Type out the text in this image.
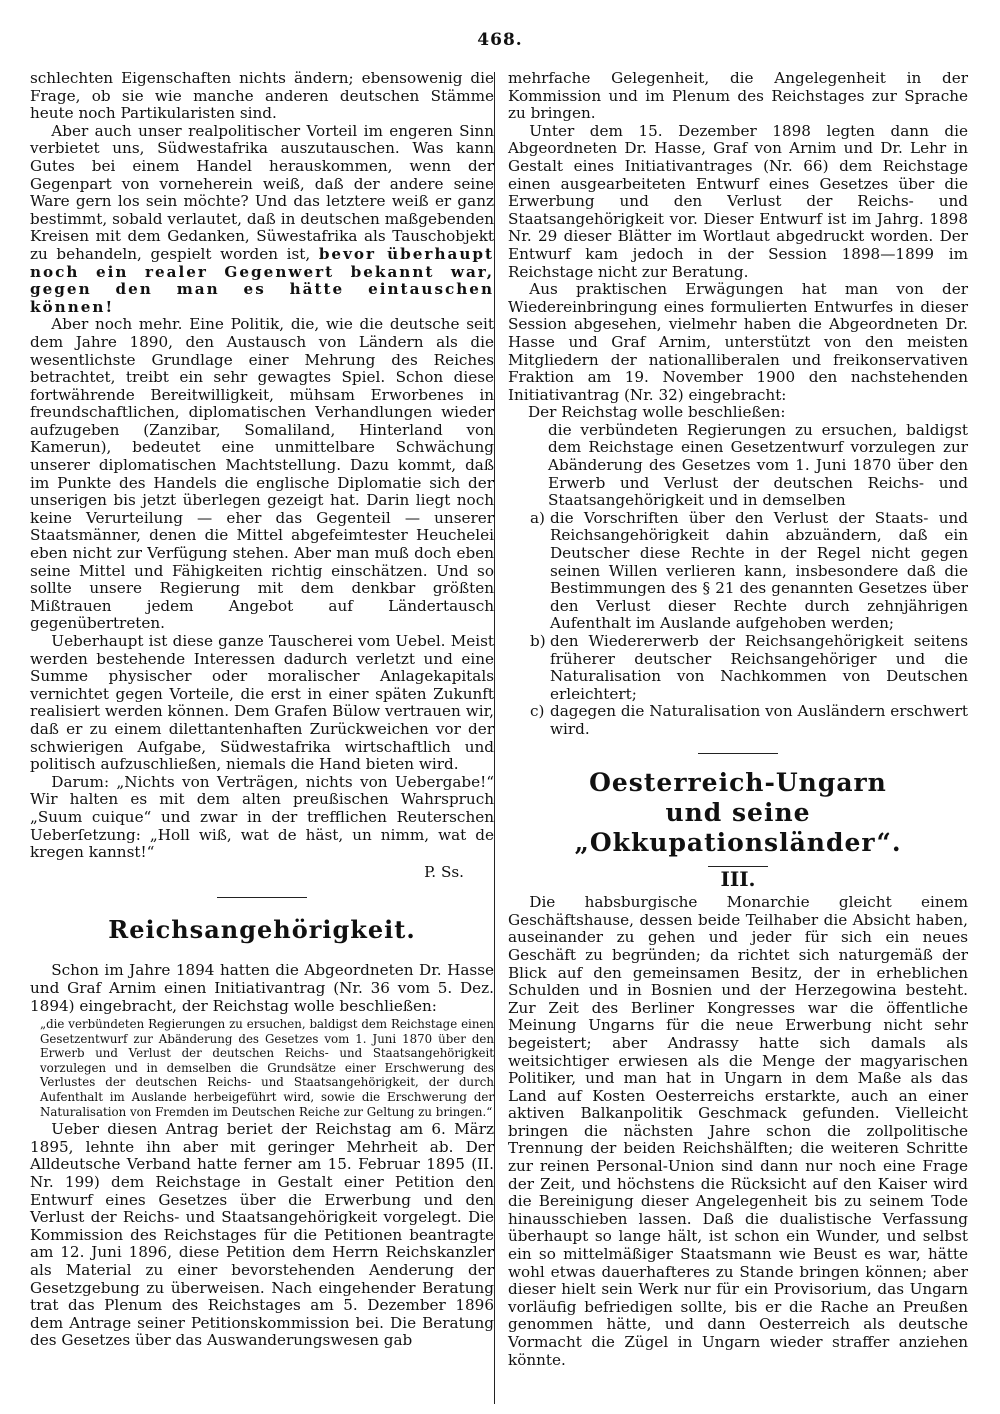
468.

schlechten Eigenschaften nichts ändern; ebensowenig die Frage, ob sie wie manche anderen deutschen Stämme heute noch Partikularisten sind.

Aber auch unser realpolitischer Vorteil im engeren Sinn verbietet uns, Südwestafrika auszutauschen. Was kann Gutes bei einem Handel herauskommen, wenn der Gegenpart von vorneherein weiß, daß der andere seine Ware gern los sein möchte? Und das letztere weiß er ganz bestimmt, sobald verlautet, daß in deutschen maßgebenden Kreisen mit dem Gedanken, Süwestafrika als Tauschobjekt zu behandeln, gespielt worden ist, bevor überhaupt noch ein realer Gegenwert bekannt war, gegen den man es hätte eintauschen können!

Aber noch mehr. Eine Politik, die, wie die deutsche seit dem Jahre 1890, den Austausch von Ländern als die wesentlichste Grundlage einer Mehrung des Reiches betrachtet, treibt ein sehr gewagtes Spiel. Schon diese fortwährende Bereitwilligkeit, mühsam Erworbenes in freundschaftlichen, diplomatischen Verhandlungen wieder aufzugeben (Zanzibar, Somaliland, Hinterland von Kamerun), bedeutet eine unmittelbare Schwächung unserer diplomatischen Machtstellung. Dazu kommt, daß im Punkte des Handels die englische Diplomatie sich der unserigen bis jetzt überlegen gezeigt hat. Darin liegt noch keine Verurteilung — eher das Gegenteil — unserer Staatsmänner, denen die Mittel abgefeimtester Heuchelei eben nicht zur Verfügung stehen. Aber man muß doch eben seine Mittel und Fähigkeiten richtig einschätzen. Und so sollte unsere Regierung mit dem denkbar größten Mißtrauen jedem Angebot auf Ländertausch gegenübertreten.

Ueberhaupt ist diese ganze Tauscherei vom Uebel. Meist werden bestehende Interessen dadurch verletzt und eine Summe physischer oder moralischer Anlagekapitals vernichtet gegen Vorteile, die erst in einer späten Zukunft realisiert werden können. Dem Grafen Bülow vertrauen wir, daß er zu einem dilettantenhaften Zurückweichen vor der schwierigen Aufgabe, Südwestafrika wirtschaftlich und politisch aufzuschließen, niemals die Hand bieten wird.

Darum: „Nichts von Verträgen, nichts von Uebergabe!“ Wir halten es mit dem alten preußischen Wahrspruch „Suum cuique“ und zwar in der trefflichen Reuterschen Ueberſetzung: „Holl wiß, wat de häst, un nimm, wat de kregen kannst!“

P. Ss.
Reichsangehörigkeit.

Schon im Jahre 1894 hatten die Abgeordneten Dr. Hasse und Graf Arnim einen Initiativantrag (Nr. 36 vom 5. Dez. 1894) eingebracht, der Reichstag wolle beschließen:

„die verbündeten Regierungen zu ersuchen, baldigst dem Reichstage einen Gesetzentwurf zur Abänderung des Gesetzes vom 1. Juni 1870 über den Erwerb und Verlust der deutschen Reichs- und Staatsangehörigkeit vorzulegen und in demselben die Grundsätze einer Erschwerung des Verlustes der deutschen Reichs- und Staatsangehörigkeit, der durch Aufenthalt im Auslande herbeigeführt wird, sowie die Erschwerung der Naturalisation von Fremden im Deutschen Reiche zur Geltung zu bringen.“

Ueber diesen Antrag beriet der Reichstag am 6. März 1895, lehnte ihn aber mit geringer Mehrheit ab. Der Alldeutsche Verband hatte ferner am 15. Februar 1895 (II. Nr. 199) dem Reichstage in Gestalt einer Petition den Entwurf eines Gesetzes über die Erwerbung und den Verlust der Reichs- und Staatsangehörigkeit vorgelegt. Die Kommission des Reichstages für die Petitionen beantragte am 12. Juni 1896, diese Petition dem Herrn Reichskanzler als Material zu einer bevorstehenden Aenderung der Gesetzgebung zu überweisen. Nach eingehender Beratung trat das Plenum des Reichstages am 5. Dezember 1896 dem Antrage seiner Petitionskommission bei. Die Beratung des Gesetzes über das Auswanderungswesen gab

mehrfache Gelegenheit, die Angelegenheit in der Kommission und im Plenum des Reichstages zur Sprache zu bringen.

Unter dem 15. Dezember 1898 legten dann die Abgeordneten Dr. Hasse, Graf von Arnim und Dr. Lehr in Gestalt eines Initiativantrages (Nr. 66) dem Reichstage einen ausgearbeiteten Entwurf eines Gesetzes über die Erwerbung und den Verlust der Reichs- und Staatsangehörigkeit vor. Dieser Entwurf ist im Jahrg. 1898 Nr. 29 dieser Blätter im Wortlaut abgedruckt worden. Der Entwurf kam jedoch in der Session 1898—1899 im Reichstage nicht zur Beratung.

Aus praktischen Erwägungen hat man von der Wiedereinbringung eines formulierten Entwurfes in dieser Session abgesehen, vielmehr haben die Abgeordneten Dr. Hasse und Graf Arnim, unterstützt von den meisten Mitgliedern der nationalliberalen und freikonservativen Fraktion am 19. November 1900 den nachstehenden Initiativantrag (Nr. 32) eingebracht:

Der Reichstag wolle beschließen:

die verbündeten Regierungen zu ersuchen, baldigst dem Reichstage einen Gesetzentwurf vorzulegen zur Abänderung des Gesetzes vom 1. Juni 1870 über den Erwerb und Verlust der deutschen Reichs- und Staatsangehörigkeit und in demselben

a) die Vorschriften über den Verlust der Staats- und Reichsangehörigkeit dahin abzuändern, daß ein Deutscher diese Rechte in der Regel nicht gegen seinen Willen verlieren kann, insbesondere daß die Bestimmungen des § 21 des genannten Gesetzes über den Verlust dieser Rechte durch zehnjährigen Aufenthalt im Auslande aufgehoben werden;
b) den Wiedererwerb der Reichsangehörigkeit seitens früherer deutscher Reichsangehöriger und die Naturalisation von Nachkommen von Deutschen erleichtert;
c) dagegen die Naturalisation von Ausländern erschwert wird.
Oesterreich-Ungarn
und seine „Okkupationsländer“.
III.

Die habsburgische Monarchie gleicht einem Geschäftshause, dessen beide Teilhaber die Absicht haben, auseinander zu gehen und jeder für sich ein neues Geschäft zu begründen; da richtet sich naturgemäß der Blick auf den gemeinsamen Besitz, der in erheblichen Schulden und in Bosnien und der Herzegowina besteht. Zur Zeit des Berliner Kongresses war die öffentliche Meinung Ungarns für die neue Erwerbung nicht sehr begeistert; aber Andrassy hatte sich damals als weitsichtiger erwiesen als die Menge der magyarischen Politiker, und man hat in Ungarn in dem Maße als das Land auf Kosten Oesterreichs erstarkte, auch an einer aktiven Balkanpolitik Geschmack gefunden. Vielleicht bringen die nächsten Jahre schon die zollpolitische Trennung der beiden Reichshälften; die weiteren Schritte zur reinen Personal-Union sind dann nur noch eine Frage der Zeit, und höchstens die Rücksicht auf den Kaiser wird die Bereinigung dieser Angelegenheit bis zu seinem Tode hinausschieben lassen. Daß die dualistische Verfassung überhaupt so lange hält, ist schon ein Wunder, und selbst ein so mittelmäßiger Staatsmann wie Beust es war, hätte wohl etwas dauerhafteres zu Stande bringen können; aber dieser hielt sein Werk nur für ein Provisorium, das Ungarn vorläufig befriedigen sollte, bis er die Rache an Preußen genommen hätte, und dann Oesterreich als deutsche Vormacht die Zügel in Ungarn wieder straffer anziehen könnte.
